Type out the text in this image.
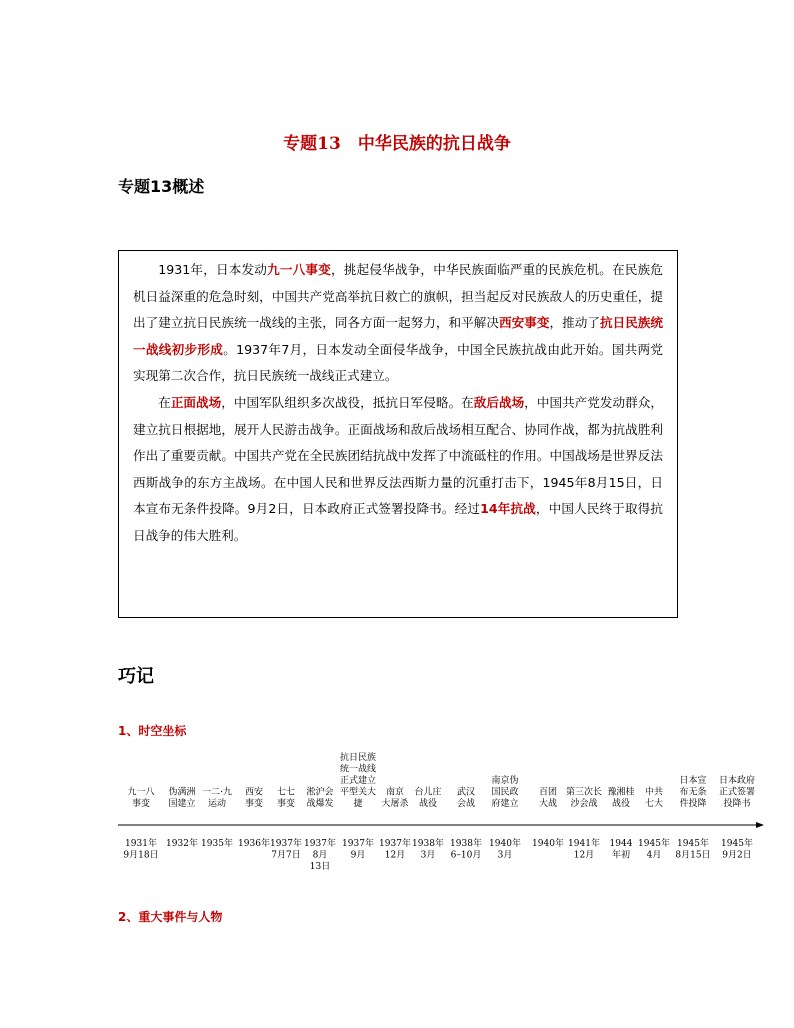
专题13　中华民族的抗日战争
专题13概述

1931年，日本发动九一八事变，挑起侵华战争，中华民族面临严重的民族危机。在民族危机日益深重的危急时刻，中国共产党高举抗日救亡的旗帜，担当起反对民族敌人的历史重任，提出了建立抗日民族统一战线的主张，同各方面一起努力，和平解决西安事变，推动了抗日民族统一战线初步形成。1937年7月，日本发动全面侵华战争，中国全民族抗战由此开始。国共两党实现第二次合作，抗日民族统一战线正式建立。

在正面战场，中国军队组织多次战役，抵抗日军侵略。在敌后战场，中国共产党发动群众，建立抗日根据地，展开人民游击战争。正面战场和敌后战场相互配合、协同作战，都为抗战胜利作出了重要贡献。中国共产党在全民族团结抗战中发挥了中流砥柱的作用。中国战场是世界反法西斯战争的东方主战场。在中国人民和世界反法西斯力量的沉重打击下，1945年8月15日，日本宣布无条件投降。9月2日，日本政府正式签署投降书。经过14年抗战，中国人民终于取得抗日战争的伟大胜利。

巧记
1、时空坐标
九一八
事变
1931年
9月18日
伪满洲
国建立
1932年
一二·九
运动
1935年
西安
事变
1936年
七七
事变
1937年
7月7日
淞沪会
战爆发
1937年
8月
13日
抗日民族
统一战线
正式建立
平型关大
捷
1937年
9月
南京
大屠杀
1937年
12月
台儿庄
战役
1938年
3月
武汉
会战
1938年
6–10月
南京伪
国民政
府建立
1940年
3月
百团
大战
1940年
第三次长
沙会战
1941年
12月
豫湘桂
战役
1944
年初
中共
七大
1945年
4月
日本宣
布无条
件投降
1945年
8月15日
日本政府
正式签署
投降书
1945年
9月2日
2、重大事件与人物
